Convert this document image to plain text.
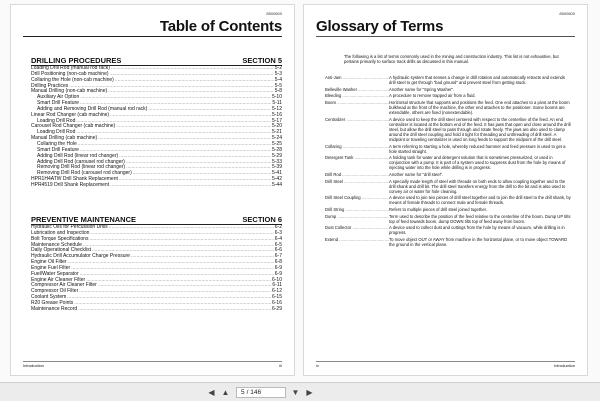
8500600
Table of Contents
DRILLING PROCEDURES	SECTION 5
Loading Drill Rod (manual rod rack) .....	5-2
Drill Positioning (non-cab machine) .....	5-3
Collaring the Hole (non-cab machine) .....	5-4
Drilling Practices .....	5-5
Manual Drilling (non-cab machine) .....	5-8
Auxiliary Air Option .....	5-10
Smart Drill Feature .....	5-11
Adding and Removing Drill Rod (manual rod rack) .....	5-12
Linear Rod Changer (cab machine) .....	5-16
Loading Drill Rod .....	5-17
Carousel Rod Changer (cab machine) .....	5-20
Loading Drill Rod .....	5-21
Manual Drilling (cab machine) .....	5-24
Collaring the Hole .....	5-25
Smart Drill Feature .....	5-28
Adding Drill Rod (linear rod changer) .....	5-29
Adding Drill Rod (carousel rod changer) .....	5-33
Removing Drill Rod (linear rod changer) .....	5-39
Removing Drill Rod (carousel rod changer) .....	5-41
HPR1H4ATW Drill Shank Replacement .....	5-42
HPR4519 Drill Shank Replacement .....	5-44
PREVENTIVE MAINTENANCE	SECTION 6
Hydraulic Oils for Percussion Drills .....	6-2
Lubrication and Inspection .....	6-3
Bolt Torque Specifications .....	6-4
Maintenance Schedule .....	6-5
Daily Operational Checklist .....	6-6
Hydraulic Drill Accumulator Charge Pressure .....	6-7
Engine Oil Filter .....	6-8
Engine Fuel Filter .....	6-9
Fuel/Water Separator .....	6-9
Engine Air Cleaner Filter .....	6-10
Compressor Air Cleaner Filter .....	6-11
Compressor Oil Filter .....	6-12
Coolant System .....	6-15
R20 Grease Points .....	6-16
Maintenance Record .....	6-29
Introduction	iii
8500600
Glossary of Terms
The following is a list of terms commonly used in the mining and construction industry. This list is not exhaustive, but pertains primarily to surface track drills as discussed in this manual.
Anti-Jam .....	A hydraulic system that senses a change in drill rotation and automatically retracts and extends drill steel to get through "bad ground" and prevent steel from getting stuck.
Belleville Washer .....	Another name for "Spring Washer".
Bleeding .....	A procedure to remove trapped air from a fluid.
Boom .....	Horizontal structure that supports and positions the feed. One end attaches to a pivot at the boom bulkhead at the front of the machine, the other end attaches to the positioner. Some booms are extendable, others are fixed (nonextendable).
Centralizer .....	A device used to keep the drill steel centered with respect to the centerline of the feed. An end centralizer is located at the bottom end of the feed. It has jaws that open and close around the drill steel, but allow the drill steel to pass through and rotate freely. The jaws are also used to clamp around the drill steel coupling and hold it tight for threading and unthreading of drill steel. A midpoint or traveling centralizer is used on long feeds to support the midpoint of the drill steel.
Collaring .....	A term referring to starting a hole, whereby reduced hammer and feed pressure is used to get a hole started straight.
Detergent Tank .....	A holding tank for water and detergent solution that is sometimes pressurized, or used in conjunction with a pump. It is part of a system used to suppress dust from the hole by means of injecting water into the hole while drilling is in progress.
Drill Rod .....	Another name for "drill steel".
Drill Steel .....	A specially made length of steel with threads on both ends to allow coupling together and to the drill shank and drill bit. The drill steel transfers energy from the drill to the bit and is also used to convey air or water for hole cleaning.
Drill Steel Coupling .....	A device used to join two pieces of drill steel together and to join the drill steel to the drill shank, by means of female threads to connect male and female threads.
Drill String .....	Refers to multiple pieces of drill steel joined together.
Dump .....	Term used to describe the position of the feed relative to the centerline of the boom. Dump UP tilts top of feed towards boom, dump DOWN tilts top of feed away from boom.
Dust Collector .....	A device used to collect dust and cuttings from the hole by means of vacuum, while drilling is in progress.
Extend .....	To move object OUT or AWAY from machine in the horizontal plane, or to move object TOWARD the ground in the vertical plane.
iv	Introduction
◀ ▲	5 / 146	▼ ▶
